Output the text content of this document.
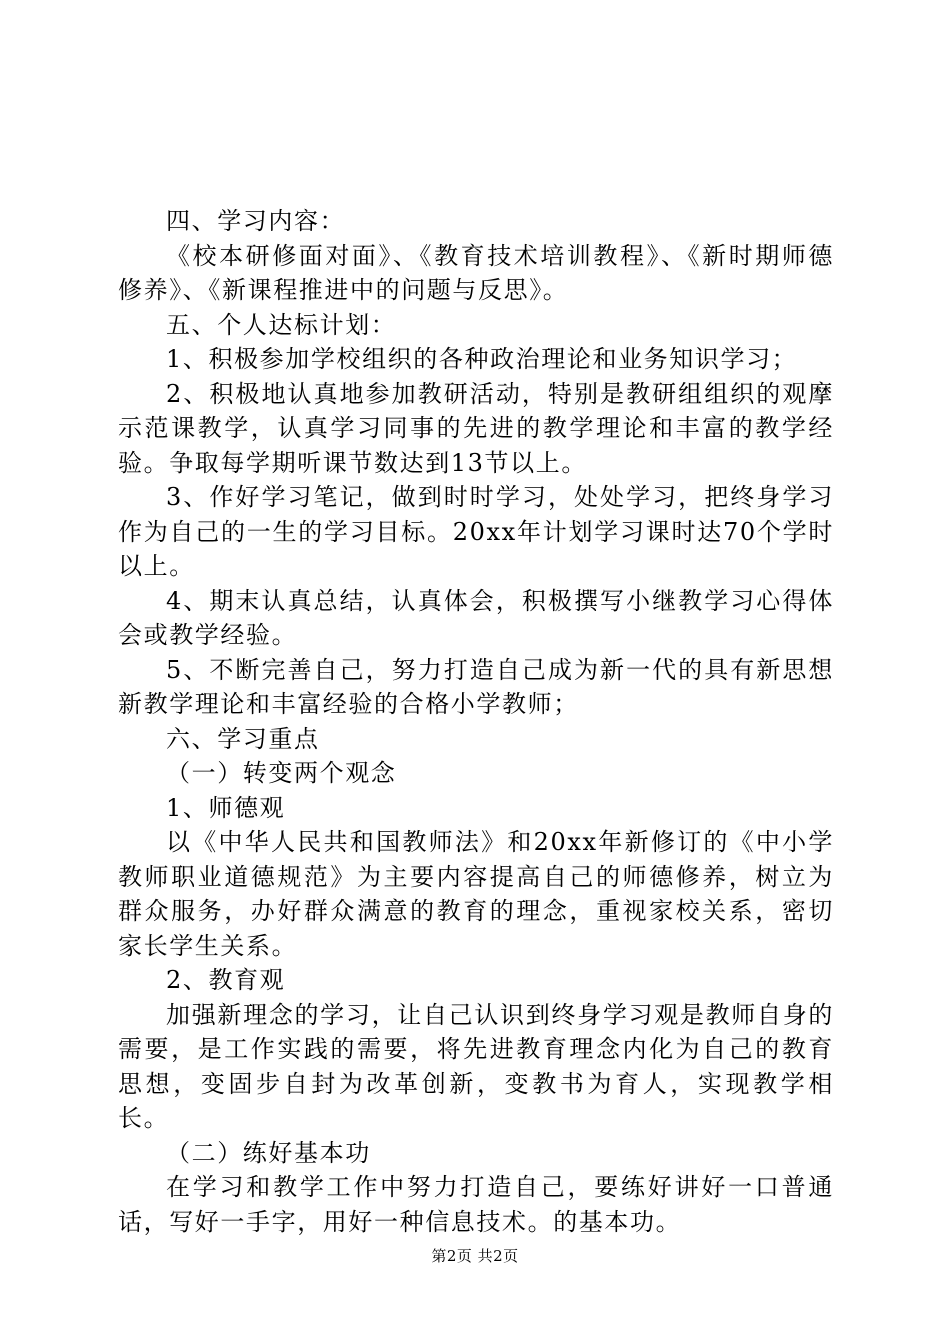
四、学习内容：

《校本研修面对面》、《教育技术培训教程》、《新时期师德修养》、《新课程推进中的问题与反思》。

五、个人达标计划：

1、积极参加学校组织的各种政治理论和业务知识学习；

2、积极地认真地参加教研活动，特别是教研组组织的观摩示范课教学，认真学习同事的先进的教学理论和丰富的教学经验。争取每学期听课节数达到13节以上。

3、作好学习笔记，做到时时学习，处处学习，把终身学习作为自己的一生的学习目标。20xx年计划学习课时达70个学时以上。

4、期末认真总结，认真体会，积极撰写小继教学习心得体会或教学经验。

5、不断完善自己，努力打造自己成为新一代的具有新思想新教学理论和丰富经验的合格小学教师；

六、学习重点

（一）转变两个观念

1、师德观

以《中华人民共和国教师法》和20xx年新修订的《中小学教师职业道德规范》为主要内容提高自己的师德修养，树立为群众服务，办好群众满意的教育的理念，重视家校关系，密切家长学生关系。

2、教育观

加强新理念的学习，让自己认识到终身学习观是教师自身的需要，是工作实践的需要，将先进教育理念内化为自己的教育思想，变固步自封为改革创新，变教书为育人，实现教学相长。

（二）练好基本功

在学习和教学工作中努力打造自己，要练好讲好一口普通话，写好一手字，用好一种信息技术。的基本功。

第2页 共2页
